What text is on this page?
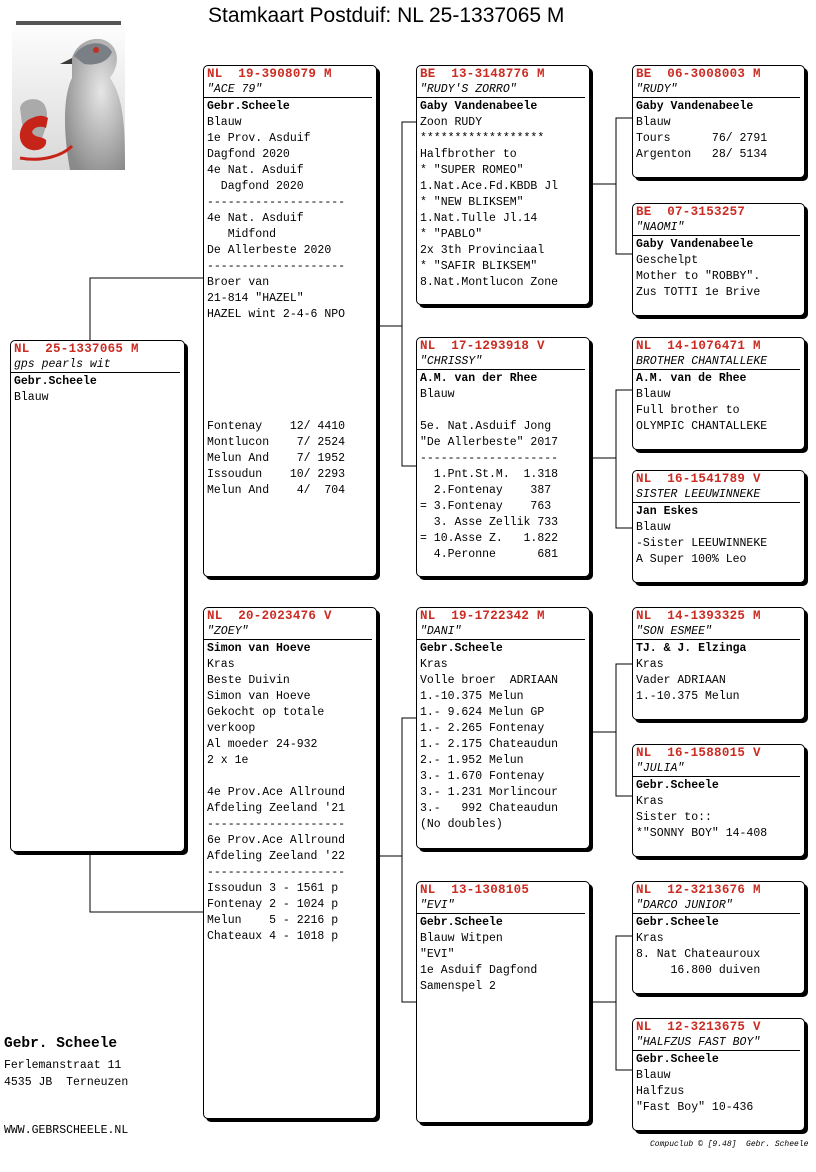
Stamkaart Postduif: NL 25-1337065 M
NL  25-1337065 M
gps pearls wit
Gebr.Scheele
Blauw
NL  19-3908079 M
"ACE 79"
Gebr.Scheele
Blauw
1e Prov. Asduif
Dagfond 2020
4e Nat. Asduif
Dagfond 2020
--------------------
4e Nat. Asduif
Midfond
De Allerbeste 2020
--------------------
Broer van
21-814 "HAZEL"
HAZEL wint 2-4-6 NPO
Fontenay    12/ 4410
Montlucon    7/ 2524
Melun And    7/ 1952
Issoudun    10/ 2293
Melun And    4/  704
NL  20-2023476 V
"ZOEY"
Simon van Hoeve
Kras
Beste Duivin
Simon van Hoeve
Gekocht op totale
verkoop
Al moeder 24-932
2 x 1e
4e Prov.Ace Allround
Afdeling Zeeland '21
--------------------
6e Prov.Ace Allround
Afdeling Zeeland '22
--------------------
Issoudun 3 - 1561 p
Fontenay 2 - 1024 p
Melun    5 - 2216 p
Chateaux 4 - 1018 p
BE  13-3148776 M
"RUDY'S ZORRO"
Gaby Vandenabeele
Zoon RUDY
******************
Halfbrother to
* "SUPER ROMEO"
1.Nat.Ace.Fd.KBDB Jl
* "NEW BLIKSEM"
1.Nat.Tulle Jl.14
* "PABLO"
2x 3th Provinciaal
* "SAFIR BLIKSEM"
8.Nat.Montlucon Zone
NL  17-1293918 V
"CHRISSY"
A.M. van der Rhee
Blauw
5e. Nat.Asduif Jong
"De Allerbeste" 2017
--------------------
1.Pnt.St.M.  1.318
2.Fontenay    387
= 3.Fontenay    763
3. Asse Zellik 733
= 10.Asse Z.   1.822
4.Peronne      681
NL  19-1722342 M
"DANI"
Gebr.Scheele
Kras
Volle broer  ADRIAAN
1.-10.375 Melun
1.- 9.624 Melun GP
1.- 2.265 Fontenay
1.- 2.175 Chateaudun
2.- 1.952 Melun
3.- 1.670 Fontenay
3.- 1.231 Morlincour
3.-   992 Chateaudun
(No doubles)
NL  13-1308105
"EVI"
Gebr.Scheele
Blauw Witpen
"EVI"
1e Asduif Dagfond
Samenspel 2
BE  06-3008003 M
"RUDY"
Gaby Vandenabeele
Blauw
Tours      76/ 2791
Argenton   28/ 5134
BE  07-3153257
"NAOMI"
Gaby Vandenabeele
Geschelpt
Mother to "ROBBY".
Zus TOTTI 1e Brive
NL  14-1076471 M
BROTHER CHANTALLEKE
A.M. van de Rhee
Blauw
Full brother to
OLYMPIC CHANTALLEKE
NL  16-1541789 V
SISTER LEEUWINNEKE
Jan Eskes
Blauw
-Sister LEEUWINNEKE
A Super 100% Leo
NL  14-1393325 M
"SON ESMEE"
TJ. & J. Elzinga
Kras
Vader ADRIAAN
1.-10.375 Melun
NL  16-1588015 V
"JULIA"
Gebr.Scheele
Kras
Sister to::
*"SONNY BOY" 14-408
NL  12-3213676 M
"DARCO JUNIOR"
Gebr.Scheele
Kras
8. Nat Chateauroux
16.800 duiven
NL  12-3213675 V
"HALFZUS FAST BOY"
Gebr.Scheele
Blauw
Halfzus
"Fast Boy" 10-436
Gebr. Scheele
Ferlemanstraat 11
4535 JB  Terneuzen
WWW.GEBRSCHEELE.NL
Compuclub © [9.48]  Gebr. Scheele
